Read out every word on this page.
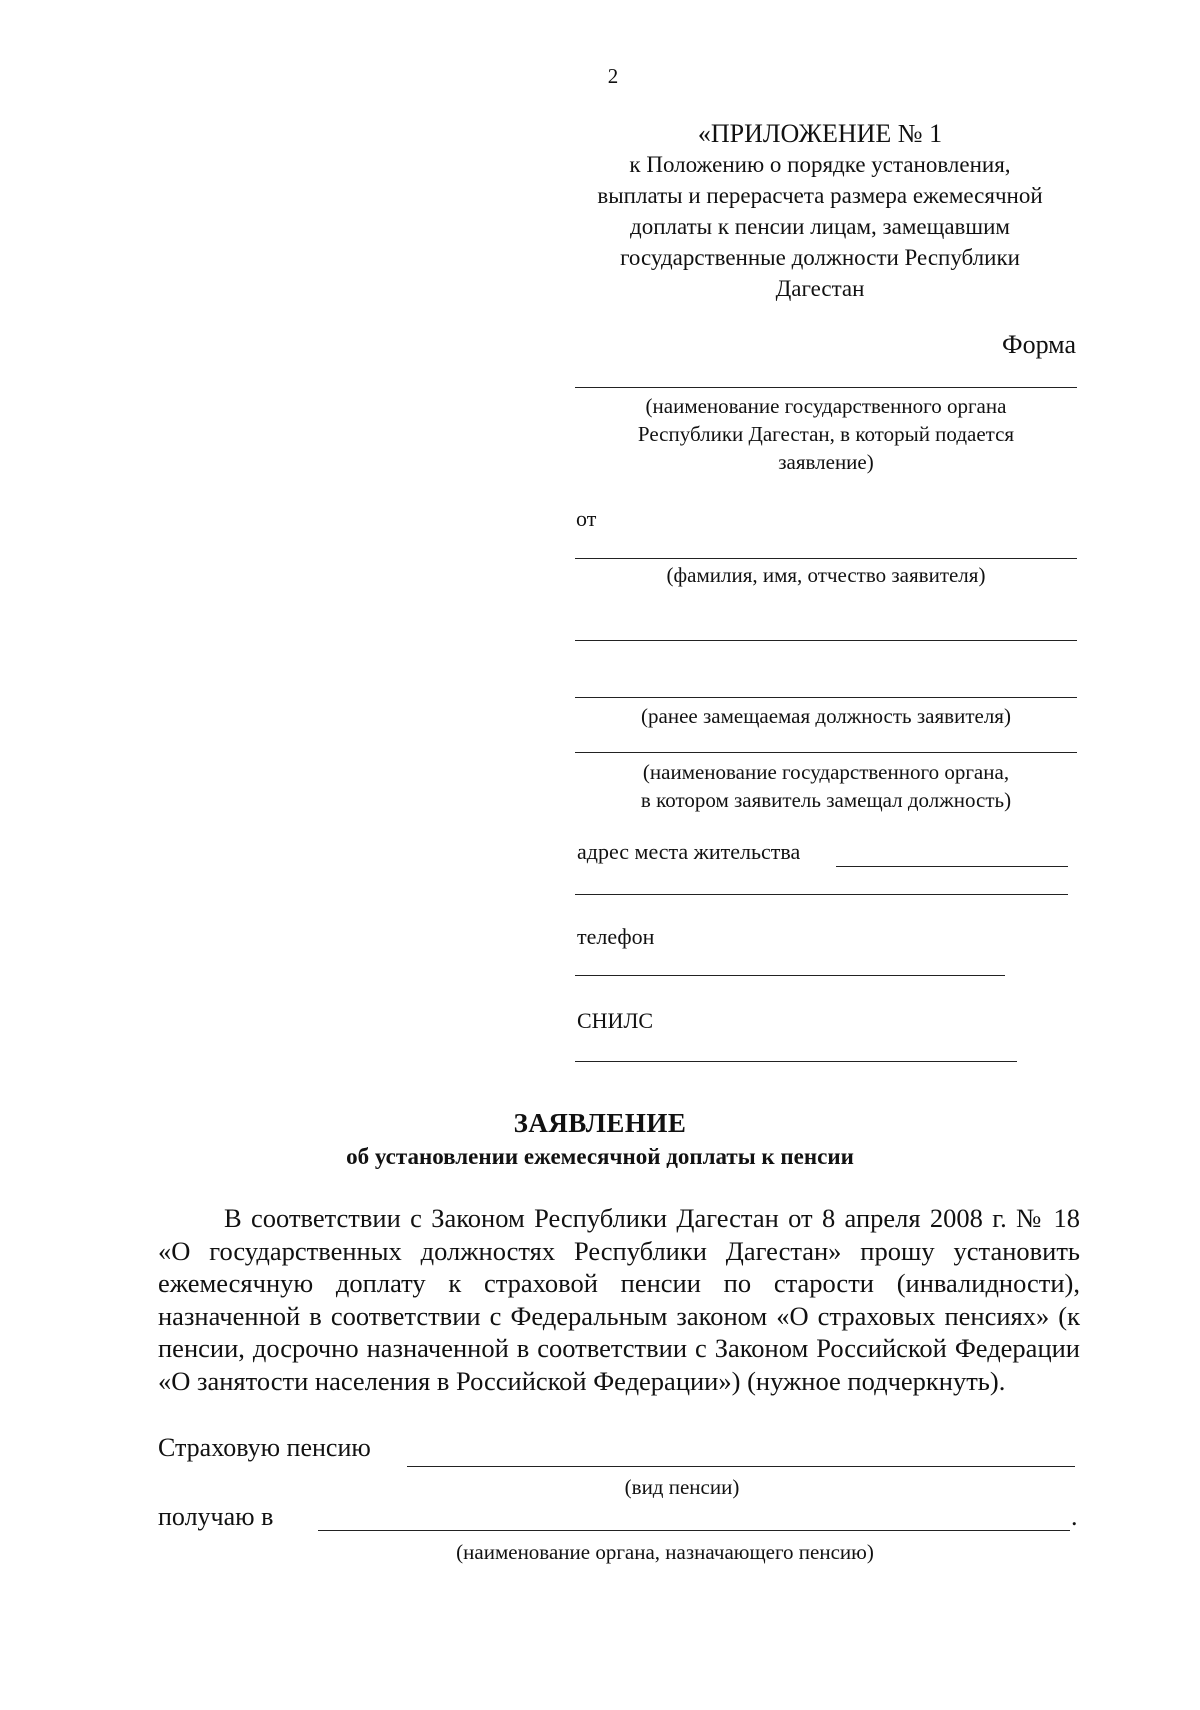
2
«ПРИЛОЖЕНИЕ № 1
к Положению о порядке установления,
выплаты и перерасчета размера ежемесячной
доплаты к пенсии лицам, замещавшим
государственные должности Республики
Дагестан
Форма
(наименование государственного органа
Республики Дагестан, в который подается
заявление)
от
(фамилия, имя, отчество заявителя)
(ранее замещаемая должность заявителя)
(наименование государственного органа,
в котором заявитель замещал должность)
адрес места жительства
телефон
СНИЛС
ЗАЯВЛЕНИЕ
об установлении ежемесячной доплаты к пенсии

В соответствии с Законом Республики Дагестан от 8 апреля 2008 г. № 18 «О государственных должностях Республики Дагестан» прошу установить ежемесячную доплату к страховой пенсии по старости (инвалидности), назначенной в соответствии с Федеральным законом «О страховых пенсиях» (к пенсии, досрочно назначенной в соответствии с Законом Российской Федерации «О занятости населения в Российской Федерации») (нужное подчеркнуть).

Страховую пенсию
(вид пенсии)
получаю в	.
(наименование органа, назначающего пенсию)
